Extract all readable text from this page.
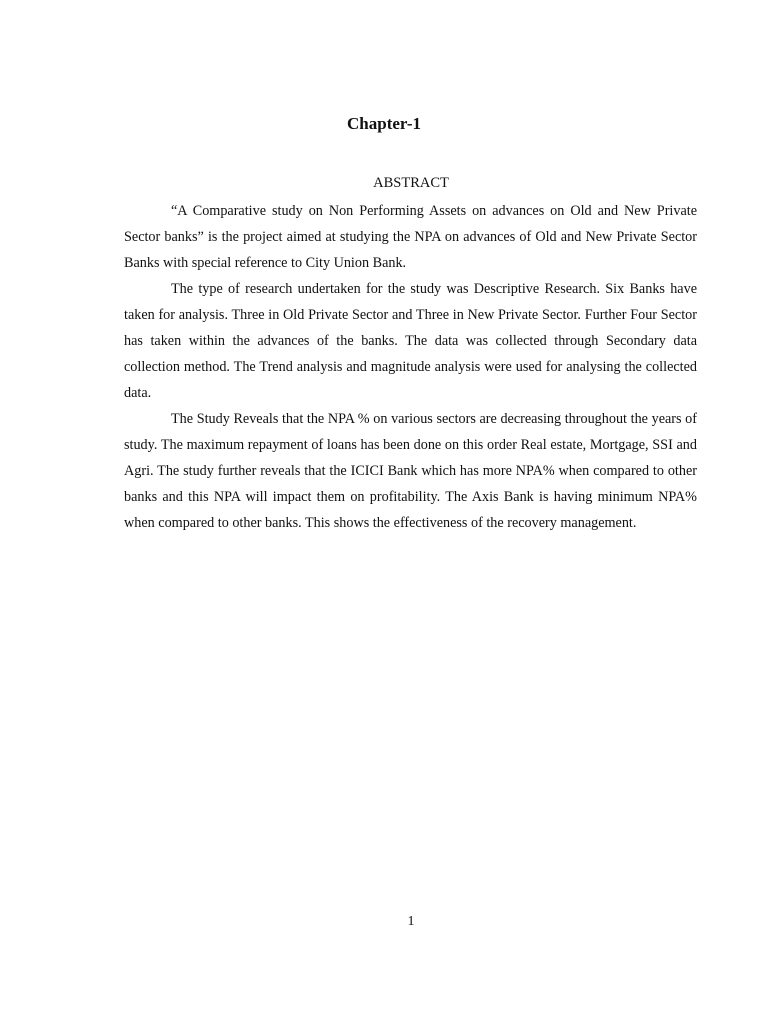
Chapter-1
ABSTRACT

“A Comparative study on Non Performing Assets on advances on Old and New Private Sector banks” is the project aimed at studying the NPA on advances of Old and New Private Sector Banks with special reference to City Union Bank.

The type of research undertaken for the study was Descriptive Research. Six Banks have taken for analysis. Three in Old Private Sector and Three in New Private Sector. Further Four Sector has taken within the advances of the banks. The data was collected through Secondary data collection method. The Trend analysis and magnitude analysis were used for analysing the collected data.

The Study Reveals that the NPA % on various sectors are decreasing throughout the years of study. The maximum repayment of loans has been done on this order Real estate, Mortgage, SSI and Agri. The study further reveals that the ICICI Bank which has more NPA% when compared to other banks and this NPA will impact them on profitability. The Axis Bank is having minimum NPA% when compared to other banks. This shows the effectiveness of the recovery management.

1
